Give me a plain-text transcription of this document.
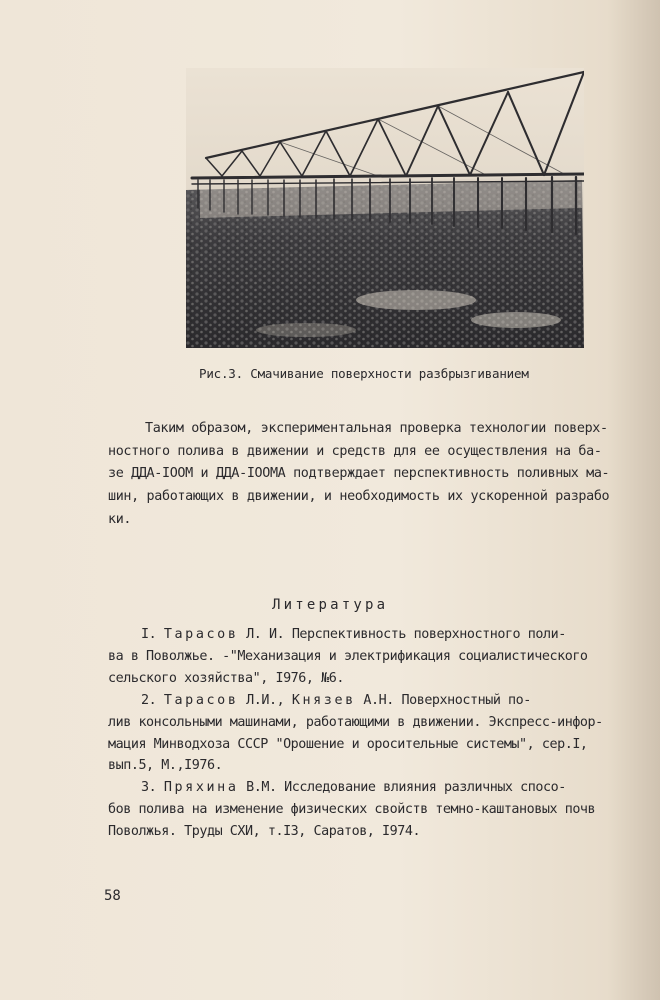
Рис.3. Смачивание поверхности разбрызгиванием
Таким образом, экспериментальная проверка технологии поверх-
ностного полива в движении и средств для ее осуществления на ба-
зе ДДА-IOOM и ДДА-IOOMA подтверждает перспективность поливных ма-
шин, работающих в движении, и необходимость их ускоренной разрабо
ки.
Литература
I. Тарасов Л. И. Перспективность поверхностного поли-
ва в Поволжье. -"Механизация и электрификация социалистического
сельского хозяйства", I976, №6.
2. Тарасов Л.И., Князев А.Н. Поверхностный по-
лив консольными машинами, работающими в движении. Экспресс-инфор-
мация Минводхоза СССР "Орошение и оросительные системы", сер.I,
вып.5, М.,I976.
3. Пряхина В.М. Исследование влияния различных спосо-
бов полива на изменение физических свойств темно-каштановых почв
Поволжья. Труды СХИ, т.I3, Саратов, I974.
58
